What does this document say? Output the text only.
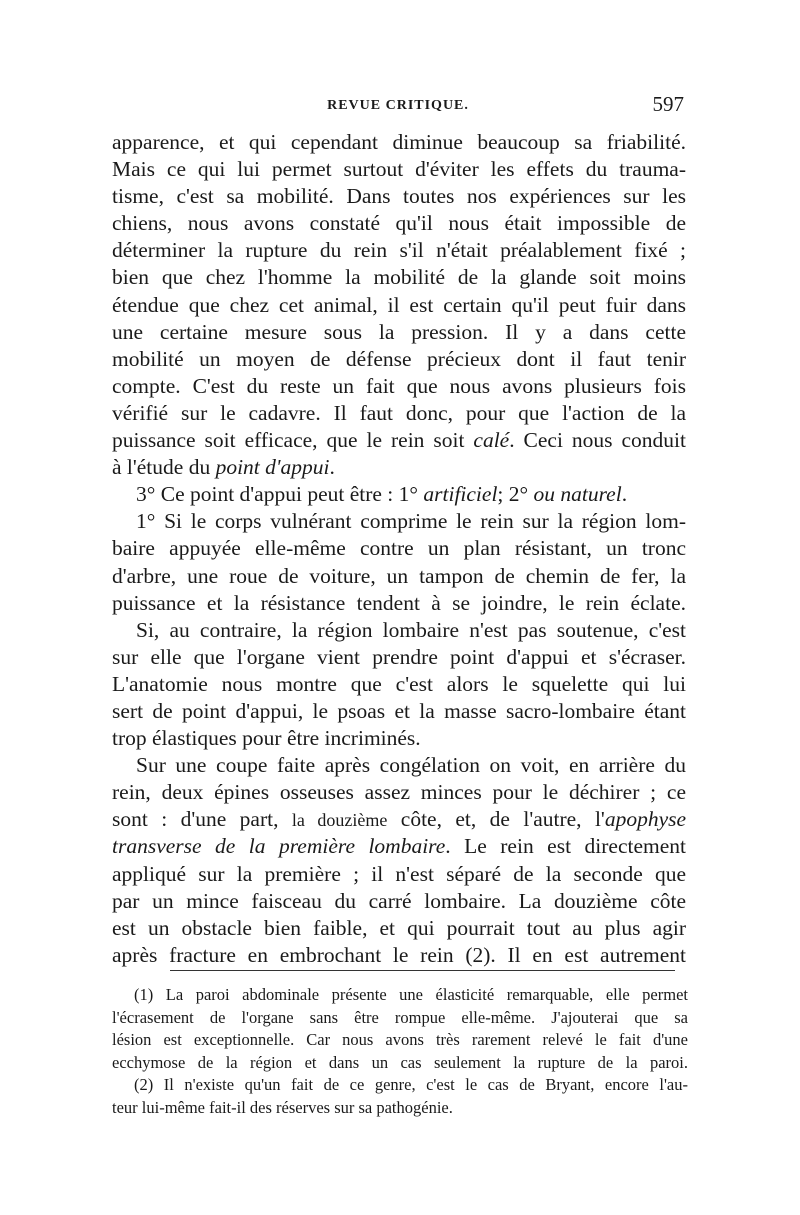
REVUE CRITIQUE.	597
apparence, et qui cependant diminue beaucoup sa friabilité.
Mais ce qui lui permet surtout d'éviter les effets du trauma-
tisme, c'est sa mobilité. Dans toutes nos expériences sur les
chiens, nous avons constaté qu'il nous était impossible de
déterminer la rupture du rein s'il n'était préalablement fixé ;
bien que chez l'homme la mobilité de la glande soit moins
étendue que chez cet animal, il est certain qu'il peut fuir dans
une certaine mesure sous la pression. Il y a dans cette
mobilité un moyen de défense précieux dont il faut tenir
compte. C'est du reste un fait que nous avons plusieurs fois
vérifié sur le cadavre. Il faut donc, pour que l'action de la
puissance soit efficace, que le rein soit calé. Ceci nous conduit
à l'étude du point d'appui.
3° Ce point d'appui peut être : 1° artificiel; 2° ou naturel.
1° Si le corps vulnérant comprime le rein sur la région lom-
baire appuyée elle-même contre un plan résistant, un tronc
d'arbre, une roue de voiture, un tampon de chemin de fer, la
puissance et la résistance tendent à se joindre, le rein éclate.
Si, au contraire, la région lombaire n'est pas soutenue, c'est
sur elle que l'organe vient prendre point d'appui et s'écraser.
L'anatomie nous montre que c'est alors le squelette qui lui
sert de point d'appui, le psoas et la masse sacro-lombaire étant
trop élastiques pour être incriminés.
Sur une coupe faite après congélation on voit, en arrière du
rein, deux épines osseuses assez minces pour le déchirer ; ce
sont : d'une part, la douzième côte, et, de l'autre, l'apophyse
transverse de la première lombaire. Le rein est directement
appliqué sur la première ; il n'est séparé de la seconde que
par un mince faisceau du carré lombaire. La douzième côte
est un obstacle bien faible, et qui pourrait tout au plus agir
après fracture en embrochant le rein (2). Il en est autrement
(1) La paroi abdominale présente une élasticité remarquable, elle permet
l'écrasement de l'organe sans être rompue elle-même. J'ajouterai que sa
lésion est exceptionnelle. Car nous avons très rarement relevé le fait d'une
ecchymose de la région et dans un cas seulement la rupture de la paroi.
(2) Il n'existe qu'un fait de ce genre, c'est le cas de Bryant, encore l'au-
teur lui-même fait-il des réserves sur sa pathogénie.
